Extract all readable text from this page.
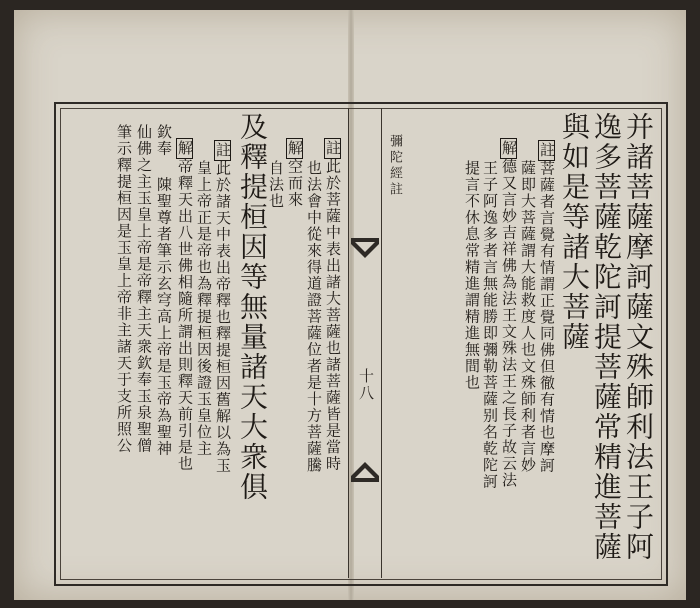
十八	并諸菩薩摩訶薩文殊師利法王子阿
逸多菩薩乾陀訶提菩薩常精進菩薩
與如是等諸大菩薩
註菩薩者言覺有情謂正覺同佛但徹有情也摩訶
薩即大菩薩謂大能救度人也文殊師利者言妙
解德又言妙吉祥佛為法王文殊法王之長子故云法
王子阿逸多者言無能勝即彌勒菩薩别名乾陀訶
提言不休息常精進謂精進無間也
彌陀經註
註此於菩薩中表出諸大菩薩也諸菩薩皆是當時
也法會中從來得道證菩薩位者是十方菩薩騰
解空而來
自法也
及釋提桓因等無量諸天大衆俱
註此於諸天中表出帝釋也釋提桓因舊解以為玉
皇上帝正是帝也為釋提桓因後證玉皇位主
解帝釋天出八世佛相隨所謂出則釋天前引是也
欽奉 陳聖尊者筆示玄穹高上帝是玉帝為聖神
仙佛之主玉皇上帝是帝釋主天衆欽奉玉泉聖僧
筆示釋提桓因是玉皇上帝非主諸天于支所照公
